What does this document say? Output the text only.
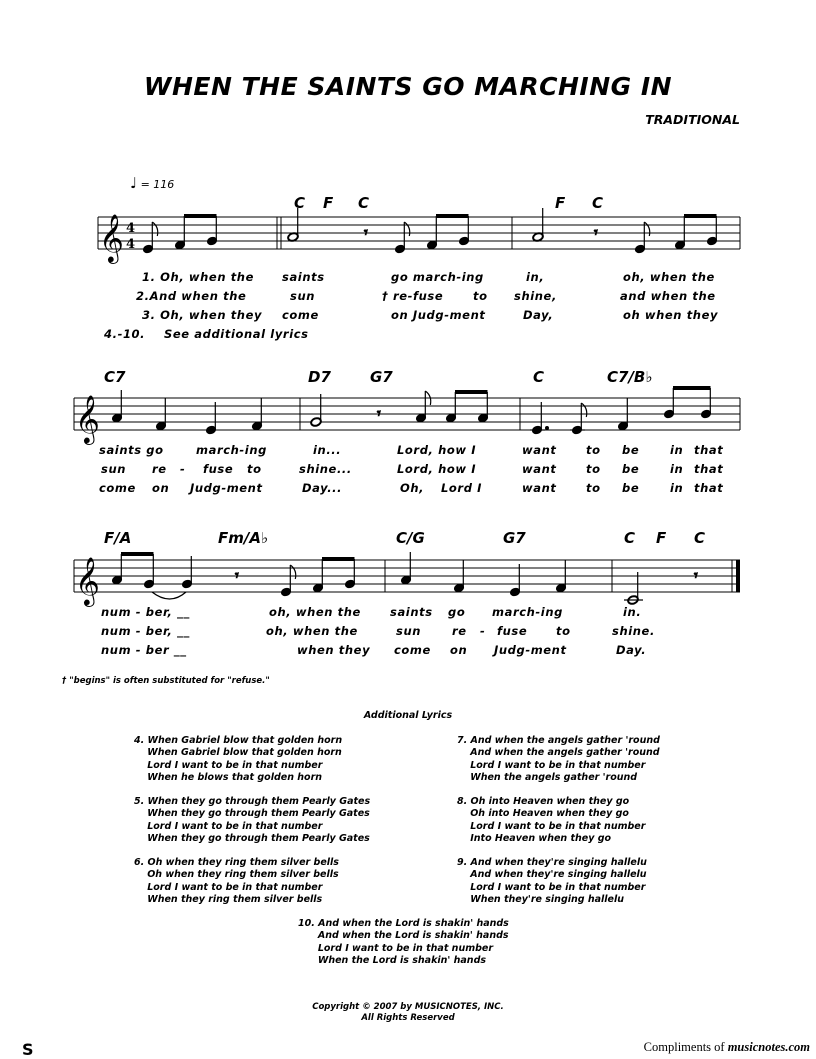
WHEN THE SAINTS GO MARCHING IN
TRADITIONAL
♩ = 116
𝄞
𝄞
𝄞
4
4
𝄾	𝄾
𝄾
𝄾	𝄾
C F C	F C
1. Oh, when the saints	go march-ing	in,	oh, when the
2.And when the	sun	† re-fuse	to shine,	and when the
3. Oh, when they come	on Judg-ment	Day,	oh when they
4.-10. See additional lyrics
C7	D7	G7	C	C7/B♭
saints go	march-ing	in...	Lord, how I	want	to be	in that
sun re - fuse to	shine...	Lord, how I	want	to be	in that
come on Judg-ment	Day...	Oh, Lord I	want	to be	in that
F/A	Fm/A♭	C/G	G7	C F C
num - ber, __	oh, when the	saints go march-ing	in.
num - ber, __	oh, when the	sun	re - fuse	to	shine.
num - ber __	when they come on Judg-ment	Day.
† "begins" is often substituted for "refuse."
Additional Lyrics
4. When Gabriel blow that golden horn
When Gabriel blow that golden horn
Lord I want to be in that number
When he blows that golden horn
7. And when the angels gather 'round
And when the angels gather 'round
Lord I want to be in that number
When the angels gather 'round
5. When they go through them Pearly Gates
When they go through them Pearly Gates
Lord I want to be in that number
When they go through them Pearly Gates
8. Oh into Heaven when they go
Oh into Heaven when they go
Lord I want to be in that number
Into Heaven when they go
6. Oh when they ring them silver bells
Oh when they ring them silver bells
Lord I want to be in that number
When they ring them silver bells
9. And when they're singing hallelu
And when they're singing hallelu
Lord I want to be in that number
When they're singing hallelu
10. And when the Lord is shakin' hands
And when the Lord is shakin' hands
Lord I want to be in that number
When the Lord is shakin' hands
Copyright © 2007 by MUSICNOTES, INC.
All Rights Reserved
S	Compliments of musicnotes.com
